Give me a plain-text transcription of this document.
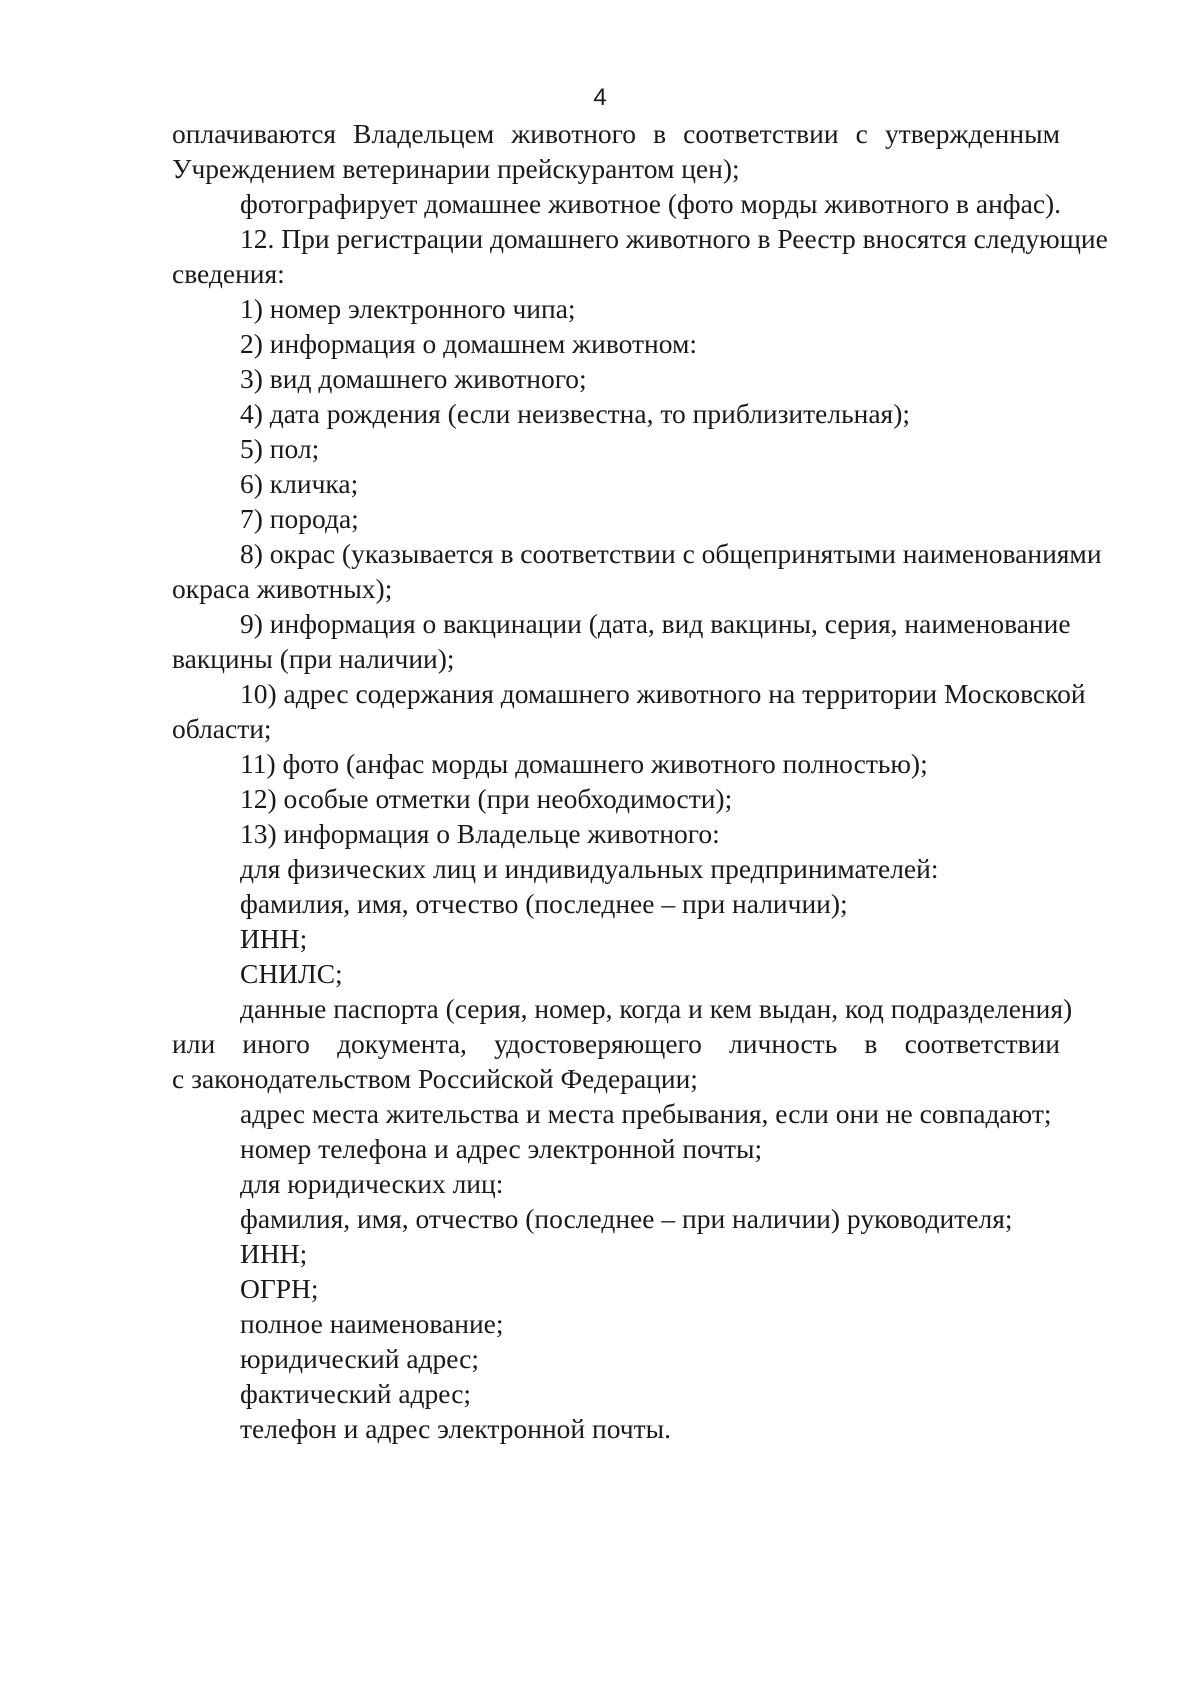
4
оплачиваются Владельцем животного в соответствии с утвержденным
Учреждением ветеринарии прейскурантом цен);
фотографирует домашнее животное (фото морды животного в анфас).
12. При регистрации домашнего животного в Реестр вносятся следующие
сведения:
1) номер электронного чипа;
2) информация о домашнем животном:
3) вид домашнего животного;
4) дата рождения (если неизвестна, то приблизительная);
5) пол;
6) кличка;
7) порода;
8) окрас (указывается в соответствии с общепринятыми наименованиями
окраса животных);
9) информация о вакцинации (дата, вид вакцины, серия, наименование
вакцины (при наличии);
10) адрес содержания домашнего животного на территории Московской
области;
11) фото (анфас морды домашнего животного полностью);
12) особые отметки (при необходимости);
13) информация о Владельце животного:
для физических лиц и индивидуальных предпринимателей:
фамилия, имя, отчество (последнее – при наличии);
ИНН;
СНИЛС;
данные паспорта (серия, номер, когда и кем выдан, код подразделения)
или иного документа, удостоверяющего личность в соответствии
с законодательством Российской Федерации;
адрес места жительства и места пребывания, если они не совпадают;
номер телефона и адрес электронной почты;
для юридических лиц:
фамилия, имя, отчество (последнее – при наличии) руководителя;
ИНН;
ОГРН;
полное наименование;
юридический адрес;
фактический адрес;
телефон и адрес электронной почты.
